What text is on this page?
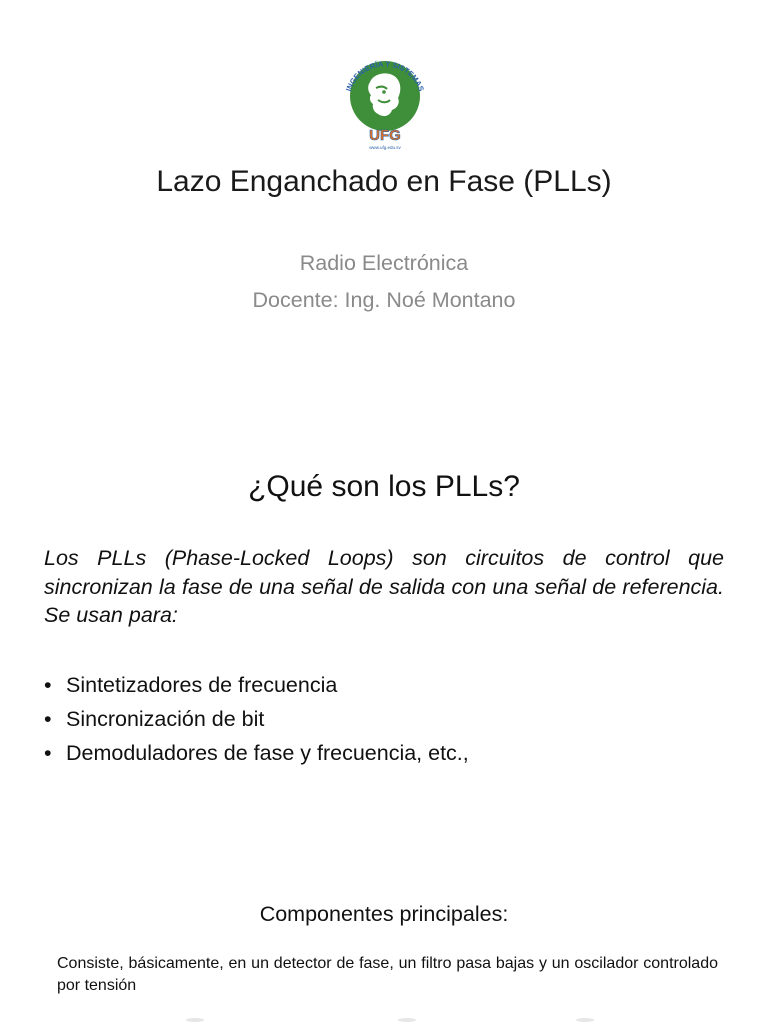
INGENIERÍA Y SISTEMAS
UFG
www.ufg.edu.sv
Lazo Enganchado en Fase (PLLs)
Radio Electrónica
Docente: Ing. Noé Montano
¿Qué son los PLLs?
Los PLLs (Phase-Locked Loops) son circuitos de control que sincronizan la fase de una señal de salida con una señal de referencia. Se usan para:
• Sintetizadores de frecuencia
• Sincronización de bit
• Demoduladores de fase y frecuencia, etc.,
Componentes principales:
Consiste, básicamente, en un detector de fase, un filtro pasa bajas y un oscilador controlado por tensión
